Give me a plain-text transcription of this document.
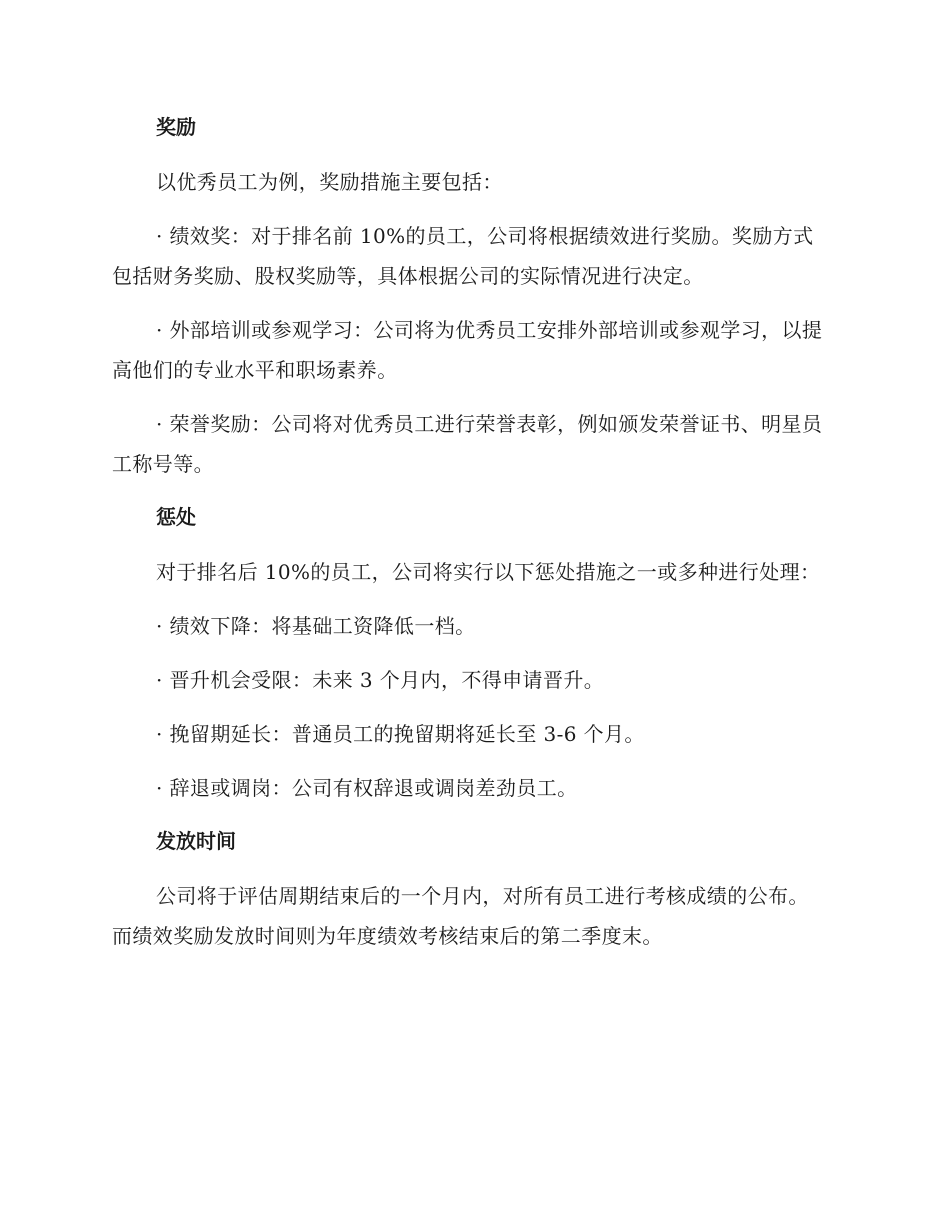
奖励

以优秀员工为例，奖励措施主要包括：

· 绩效奖：对于排名前 10%的员工，公司将根据绩效进行奖励。奖励方式包括财务奖励、股权奖励等，具体根据公司的实际情况进行决定。

· 外部培训或参观学习：公司将为优秀员工安排外部培训或参观学习，以提高他们的专业水平和职场素养。

· 荣誉奖励：公司将对优秀员工进行荣誉表彰，例如颁发荣誉证书、明星员工称号等。

惩处

对于排名后 10%的员工，公司将实行以下惩处措施之一或多种进行处理：

· 绩效下降：将基础工资降低一档。

· 晋升机会受限：未来 3 个月内，不得申请晋升。

· 挽留期延长：普通员工的挽留期将延长至 3-6 个月。

· 辞退或调岗：公司有权辞退或调岗差劲员工。

发放时间

公司将于评估周期结束后的一个月内，对所有员工进行考核成绩的公布。而绩效奖励发放时间则为年度绩效考核结束后的第二季度末。
